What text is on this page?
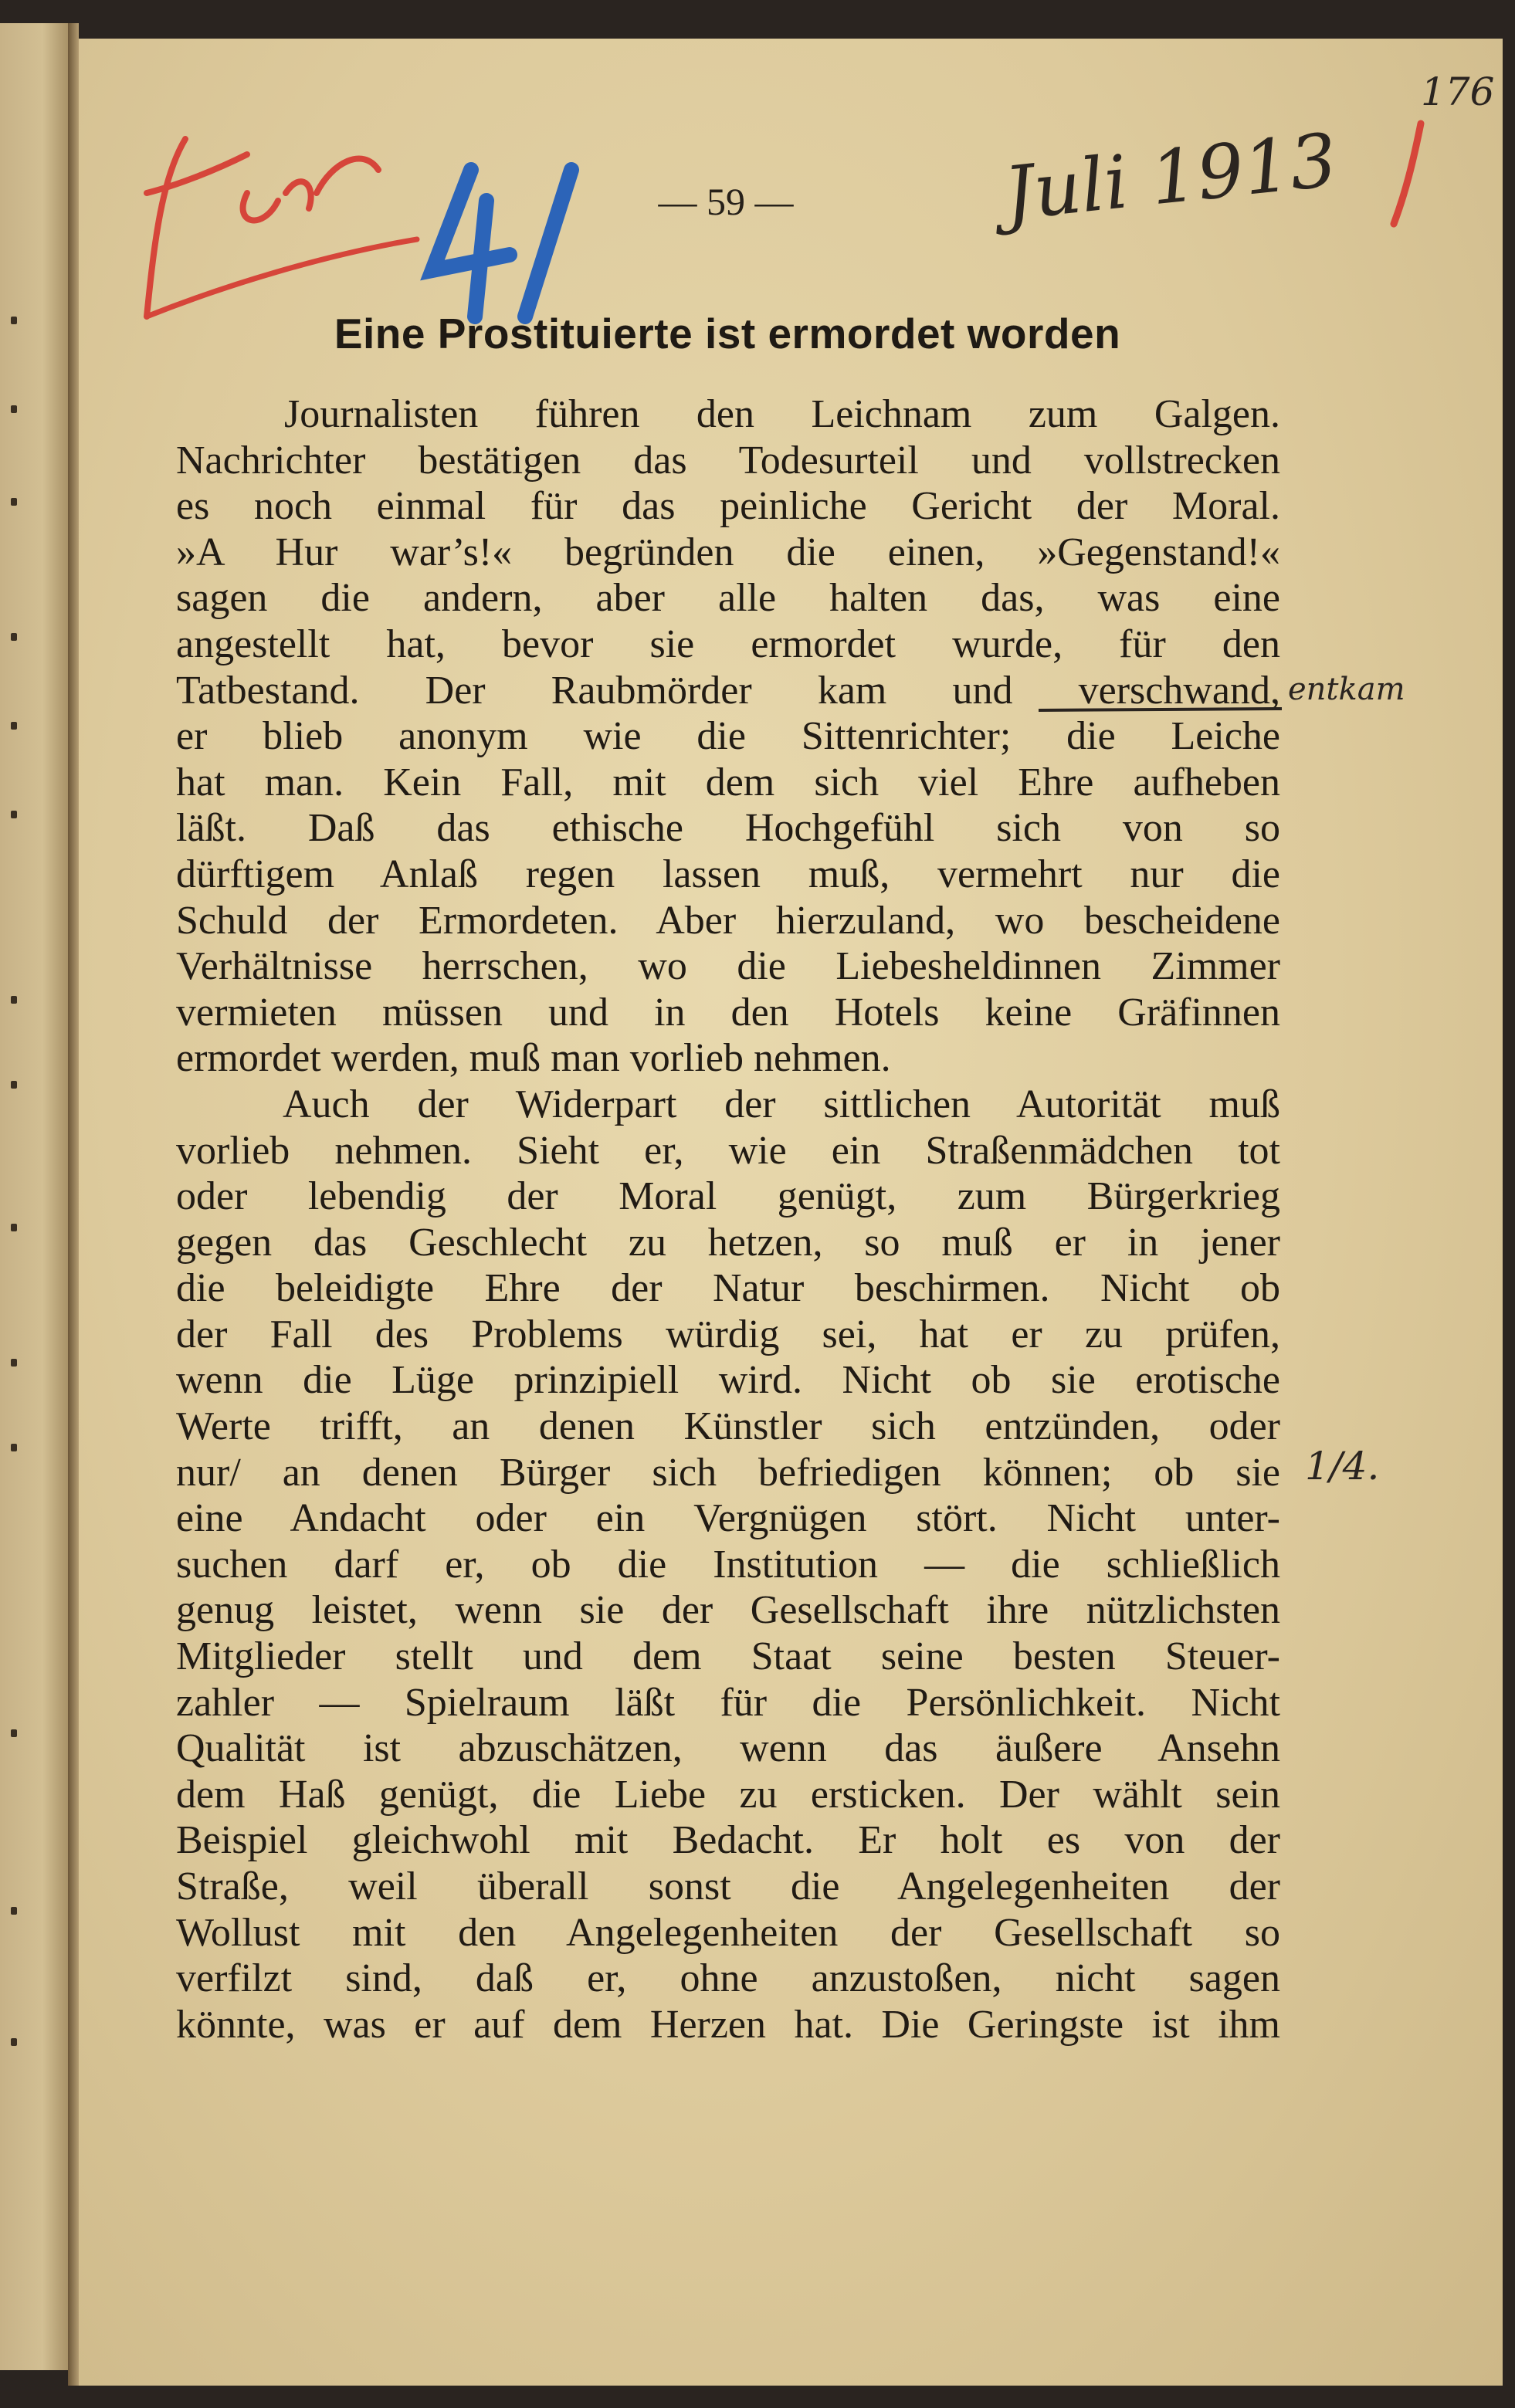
Juli 1913
176
entkam
1/4.
— 59 —
Eine Prostituierte ist ermordet worden
Journalisten führen den Leichnam zum Galgen.
Nachrichter bestätigen das Todesurteil und vollstrecken
es noch einmal für das peinliche Gericht der Moral.
»A Hur war’s!« begründen die einen, »Gegenstand!«
sagen die andern, aber alle halten das, was eine
angestellt hat, bevor sie ermordet wurde, für den
Tatbestand. Der Raubmörder kam und verschwand,
er blieb anonym wie die Sittenrichter; die Leiche
hat man. Kein Fall, mit dem sich viel Ehre aufheben
läßt. Daß das ethische Hochgefühl sich von so
dürftigem Anlaß regen lassen muß, vermehrt nur die
Schuld der Ermordeten. Aber hierzuland, wo bescheidene
Verhältnisse herrschen, wo die Liebesheldinnen Zimmer
vermieten müssen und in den Hotels keine Gräfinnen
ermordet werden, muß man vorlieb nehmen.
Auch der Widerpart der sittlichen Autorität muß
vorlieb nehmen. Sieht er, wie ein Straßenmädchen tot
oder lebendig der Moral genügt, zum Bürgerkrieg
gegen das Geschlecht zu hetzen, so muß er in jener
die beleidigte Ehre der Natur beschirmen. Nicht ob
der Fall des Problems würdig sei, hat er zu prüfen,
wenn die Lüge prinzipiell wird. Nicht ob sie erotische
Werte trifft, an denen Künstler sich entzünden, oder
nur/ an denen Bürger sich befriedigen können; ob sie
eine Andacht oder ein Vergnügen stört. Nicht unter-
suchen darf er, ob die Institution — die schließlich
genug leistet, wenn sie der Gesellschaft ihre nützlichsten
Mitglieder stellt und dem Staat seine besten Steuer-
zahler — Spielraum läßt für die Persönlichkeit. Nicht
Qualität ist abzuschätzen, wenn das äußere Ansehn
dem Haß genügt, die Liebe zu ersticken. Der wählt sein
Beispiel gleichwohl mit Bedacht. Er holt es von der
Straße, weil überall sonst die Angelegenheiten der
Wollust mit den Angelegenheiten der Gesellschaft so
verfilzt sind, daß er, ohne anzustoßen, nicht sagen
könnte, was er auf dem Herzen hat. Die Geringste ist ihm
